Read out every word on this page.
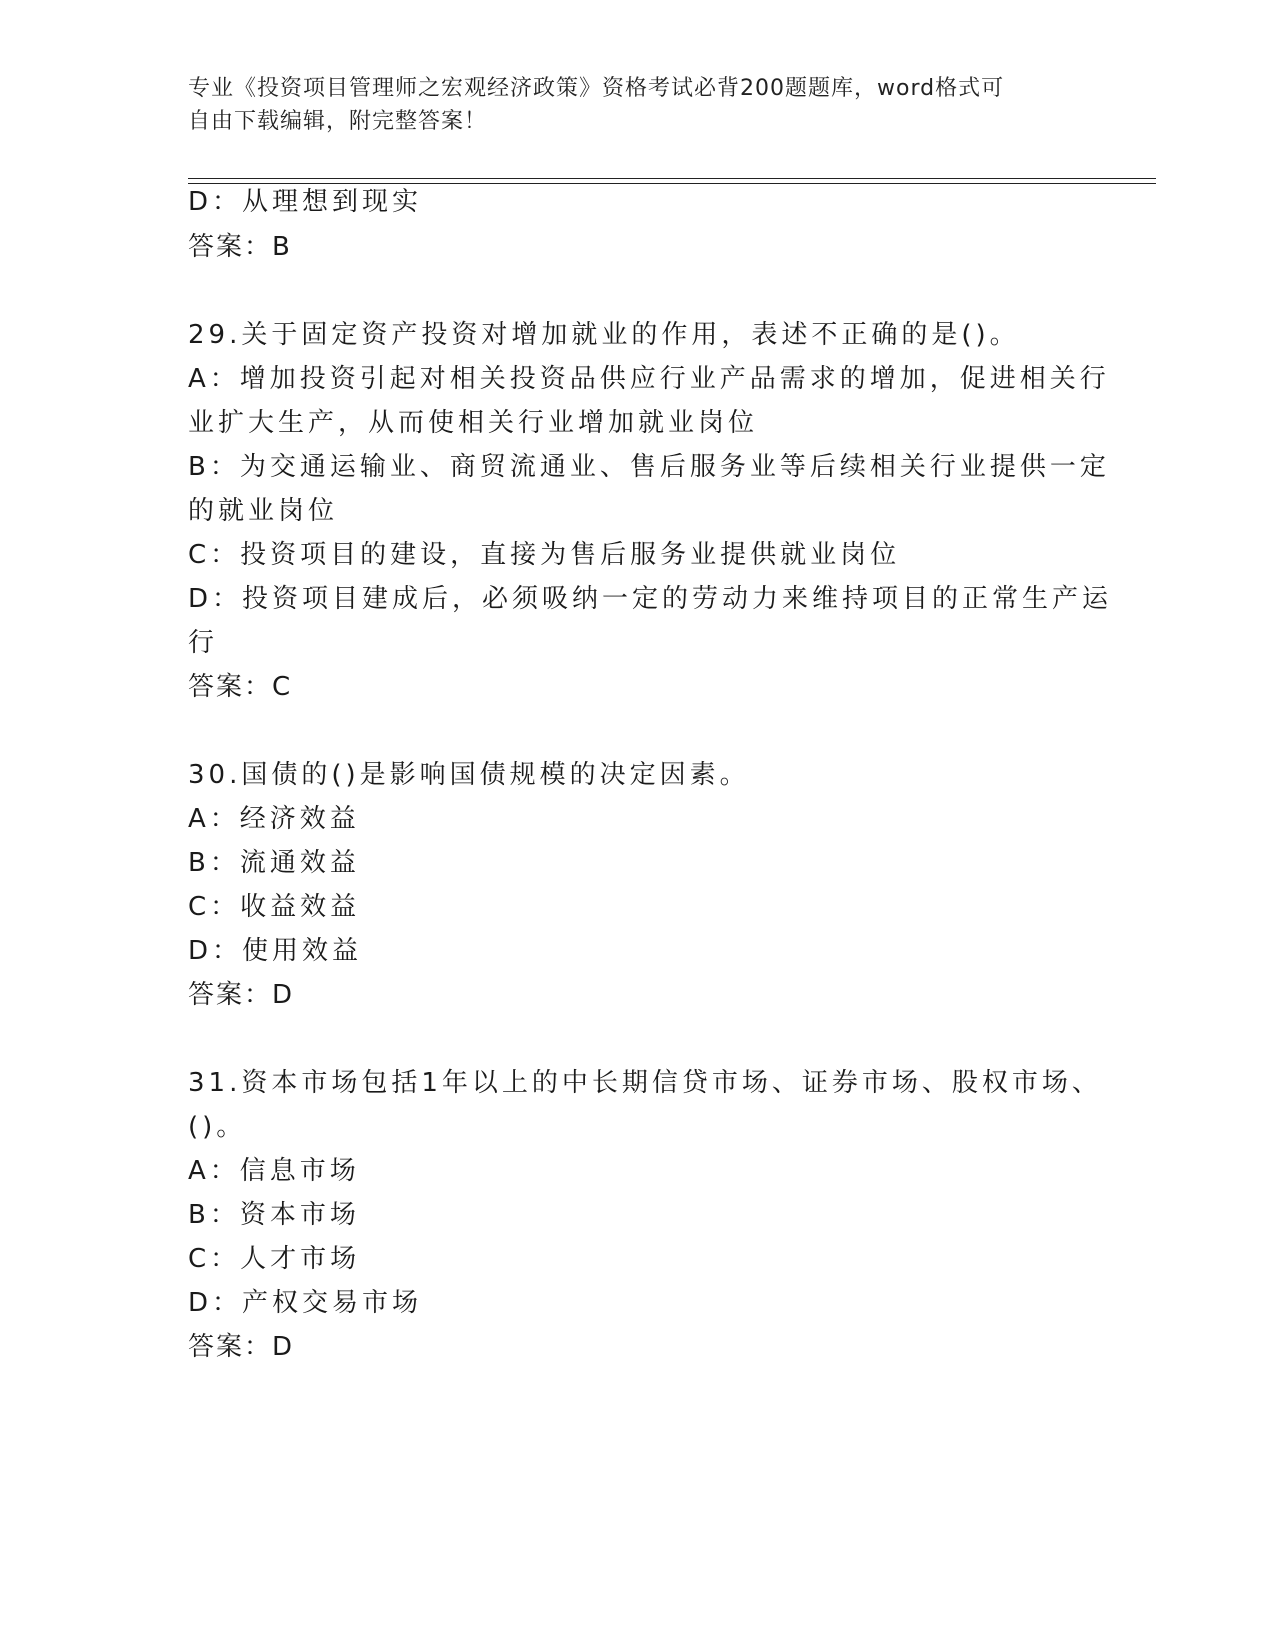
专业《投资项目管理师之宏观经济政策》资格考试必背200题题库，word格式可
自由下载编辑，附完整答案！
D：从理想到现实
答案：B
29.关于固定资产投资对增加就业的作用，表述不正确的是()。
A：增加投资引起对相关投资品供应行业产品需求的增加，促进相关行
业扩大生产，从而使相关行业增加就业岗位
B：为交通运输业、商贸流通业、售后服务业等后续相关行业提供一定
的就业岗位
C：投资项目的建设，直接为售后服务业提供就业岗位
D：投资项目建成后，必须吸纳一定的劳动力来维持项目的正常生产运
行
答案：C
30.国债的()是影响国债规模的决定因素。
A：经济效益
B：流通效益
C：收益效益
D：使用效益
答案：D
31.资本市场包括1年以上的中长期信贷市场、证券市场、股权市场、
()。
A：信息市场
B：资本市场
C：人才市场
D：产权交易市场
答案：D
